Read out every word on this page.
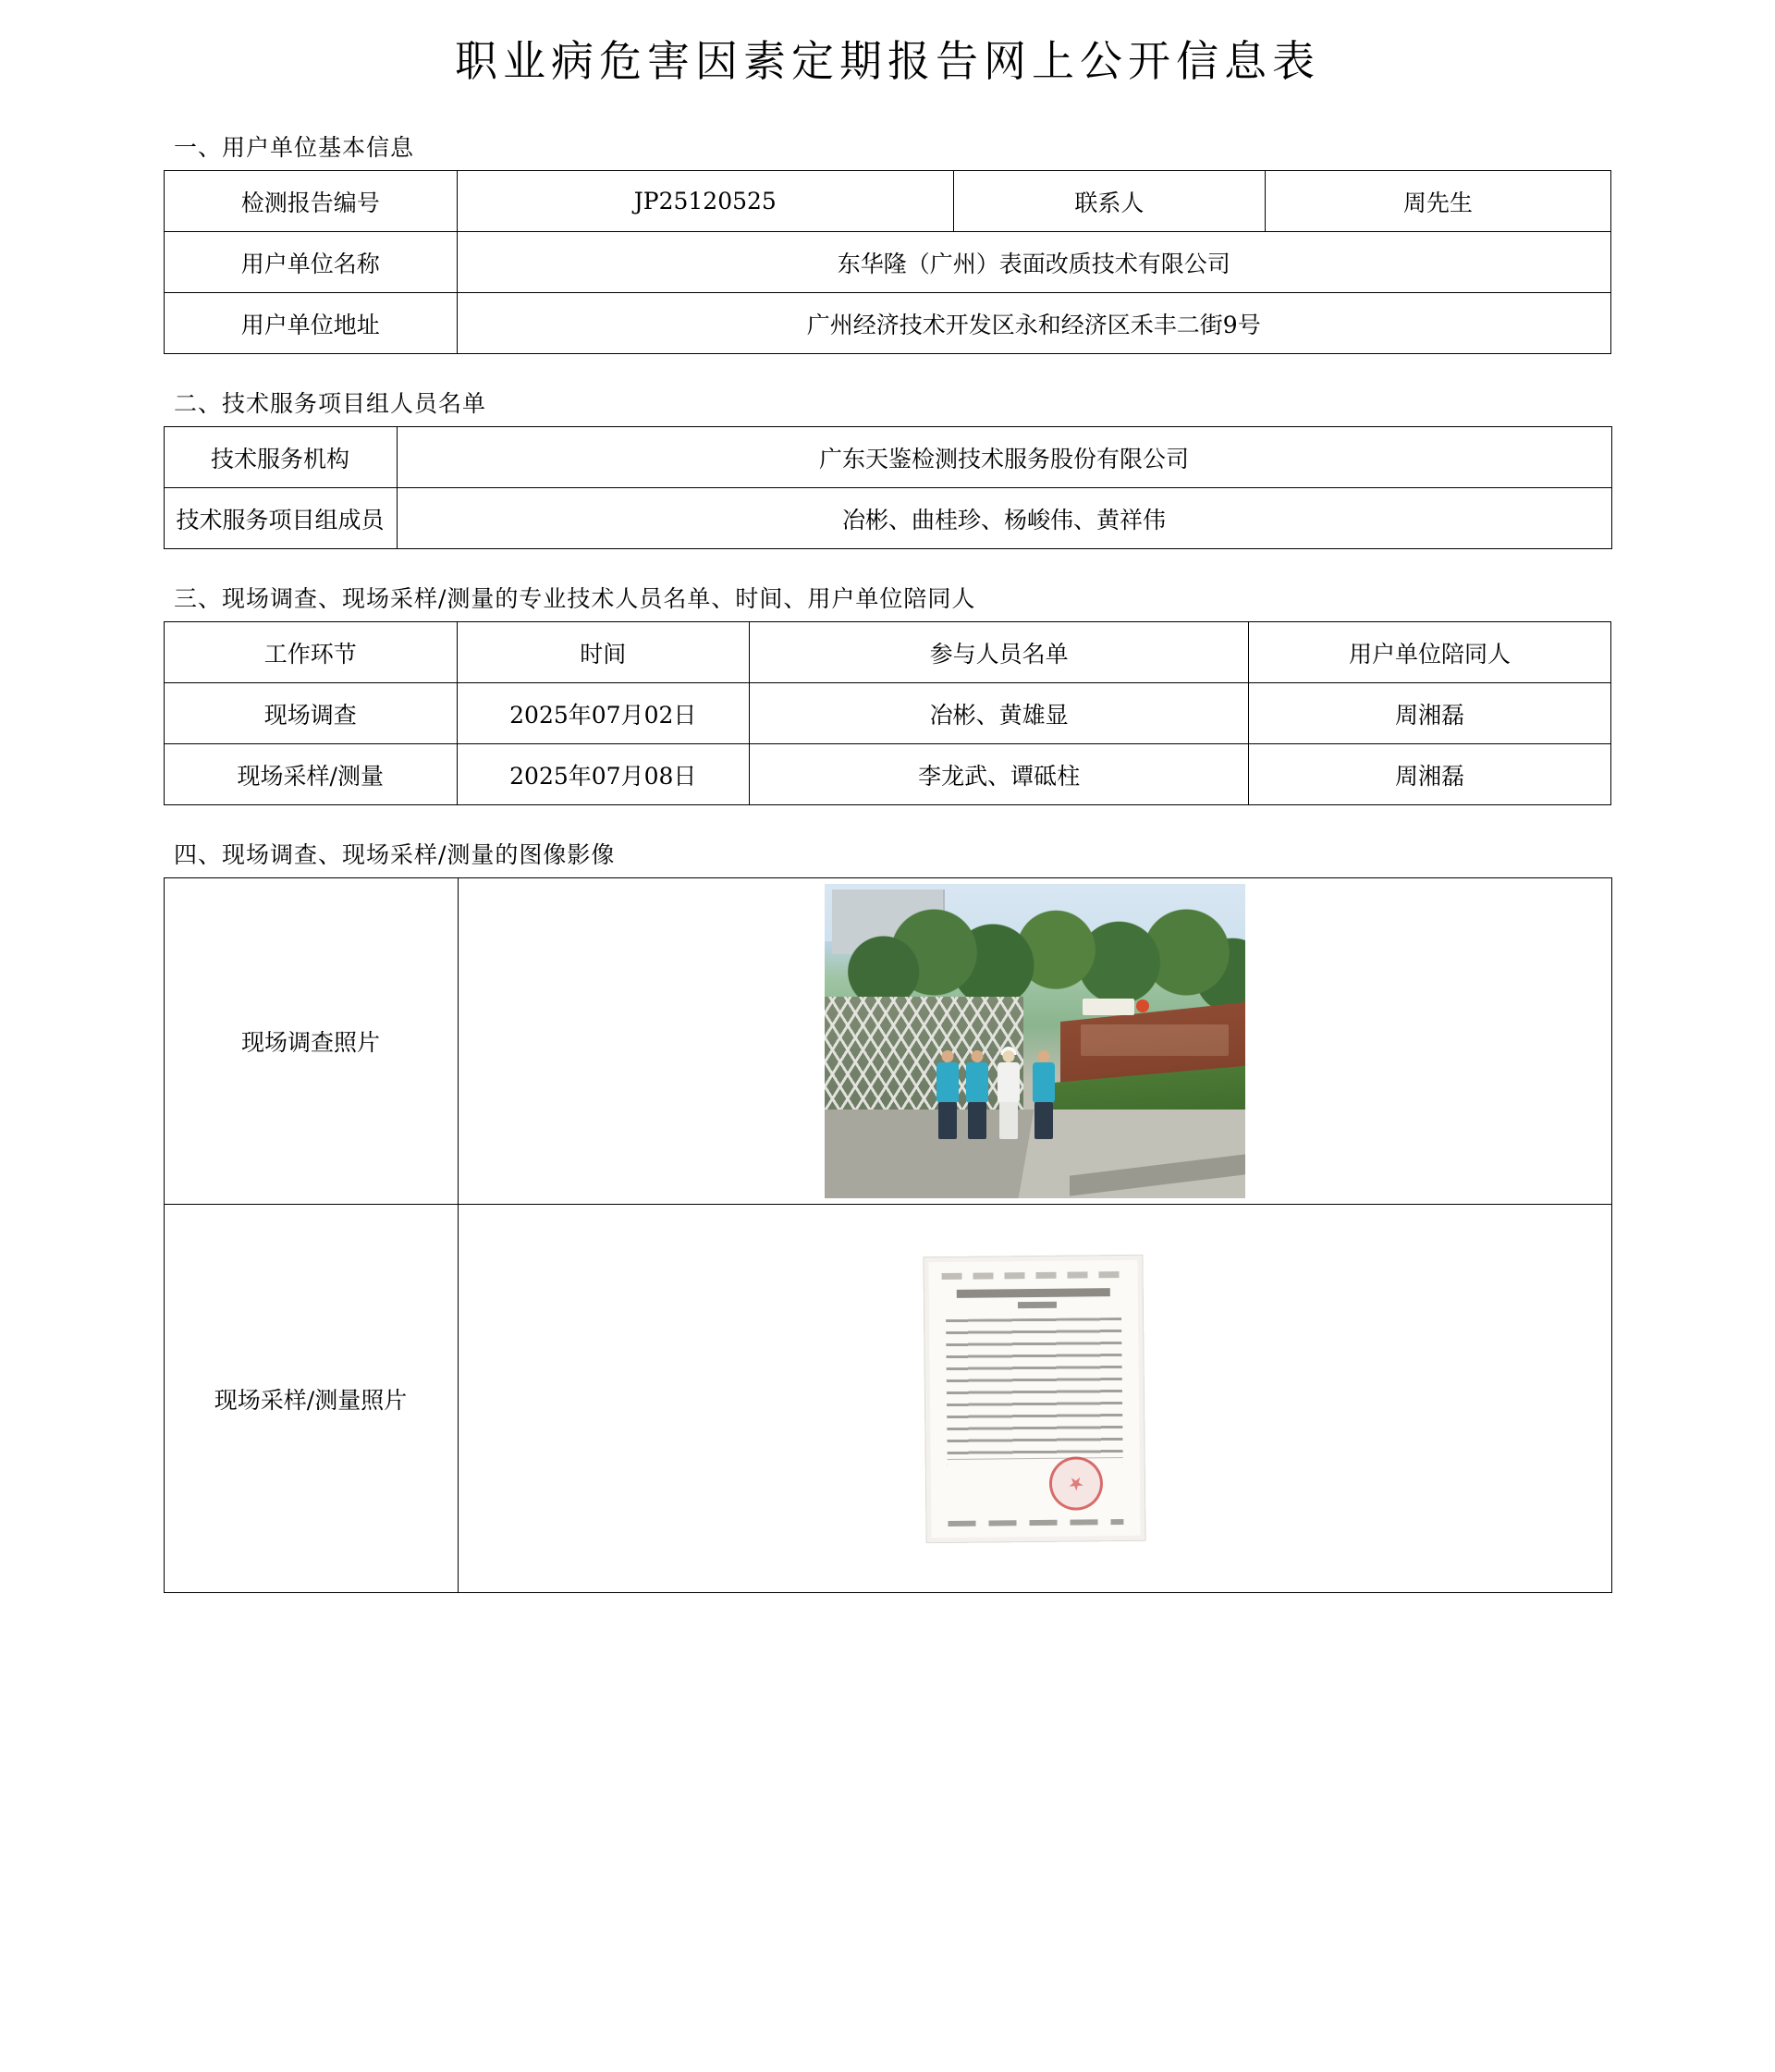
职业病危害因素定期报告网上公开信息表
一、用户单位基本信息
检测报告编号	JP25120525	联系人	周先生
用户单位名称	东华隆（广州）表面改质技术有限公司		
用户单位地址	广州经济技术开发区永和经济区禾丰二街9号		
二、技术服务项目组人员名单
技术服务机构	广东天鉴检测技术服务股份有限公司
技术服务项目组成员	冶彬、曲桂珍、杨峻伟、黄祥伟
三、现场调查、现场采样/测量的专业技术人员名单、时间、用户单位陪同人
工作环节	时间	参与人员名单	用户单位陪同人
现场调查	2025年07月02日	冶彬、黄雄显	周湘磊
现场采样/测量	2025年07月08日	李龙武、谭砥柱	周湘磊
四、现场调查、现场采样/测量的图像影像
现场调查照片	

现场采样/测量照片	
